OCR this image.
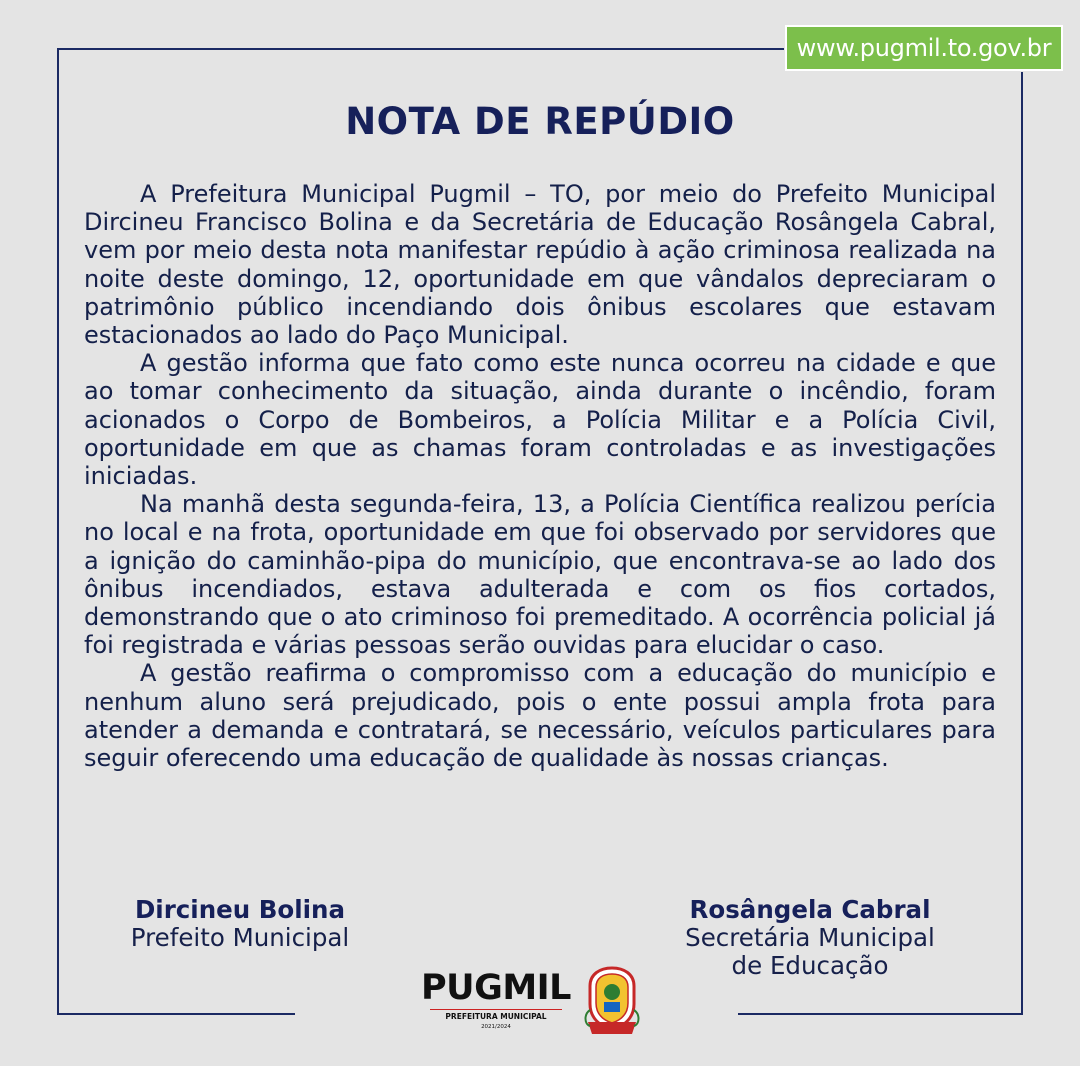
www.pugmil.to.gov.br
NOTA DE REPÚDIO

A Prefeitura Municipal Pugmil – TO, por meio do Prefeito Municipal Dircineu Francisco Bolina e da Secretária de Educação Rosângela Cabral, vem por meio desta nota manifestar repúdio à ação criminosa realizada na noite deste domingo, 12, oportunidade em que vândalos depreciaram o patrimônio público incendiando dois ônibus escolares que estavam estacionados ao lado do Paço Municipal.

A gestão informa que fato como este nunca ocorreu na cidade e que ao tomar conhecimento da situação, ainda durante o incêndio, foram acionados o Corpo de Bombeiros, a Polícia Militar e a Polícia Civil, oportunidade em que as chamas foram controladas e as investigações iniciadas.

Na manhã desta segunda-feira, 13, a Polícia Científica realizou perícia no local e na frota, oportunidade em que foi observado por servidores que a ignição do caminhão-pipa do município, que encontrava-se ao lado dos ônibus incendiados, estava adulterada e com os fios cortados, demonstrando que o ato criminoso foi premeditado. A ocorrência policial já foi registrada e várias pessoas serão ouvidas para elucidar o caso.

A gestão reafirma o compromisso com a educação do município e nenhum aluno será prejudicado, pois o ente possui ampla frota para atender a demanda e contratará, se necessário, veículos particulares para seguir oferecendo uma educação de qualidade às nossas crianças.

Dircineu Bolina
Prefeito Municipal
Rosângela Cabral
Secretária Municipal
de Educação
PUGMIL
PREFEITURA MUNICIPAL
2021/2024
